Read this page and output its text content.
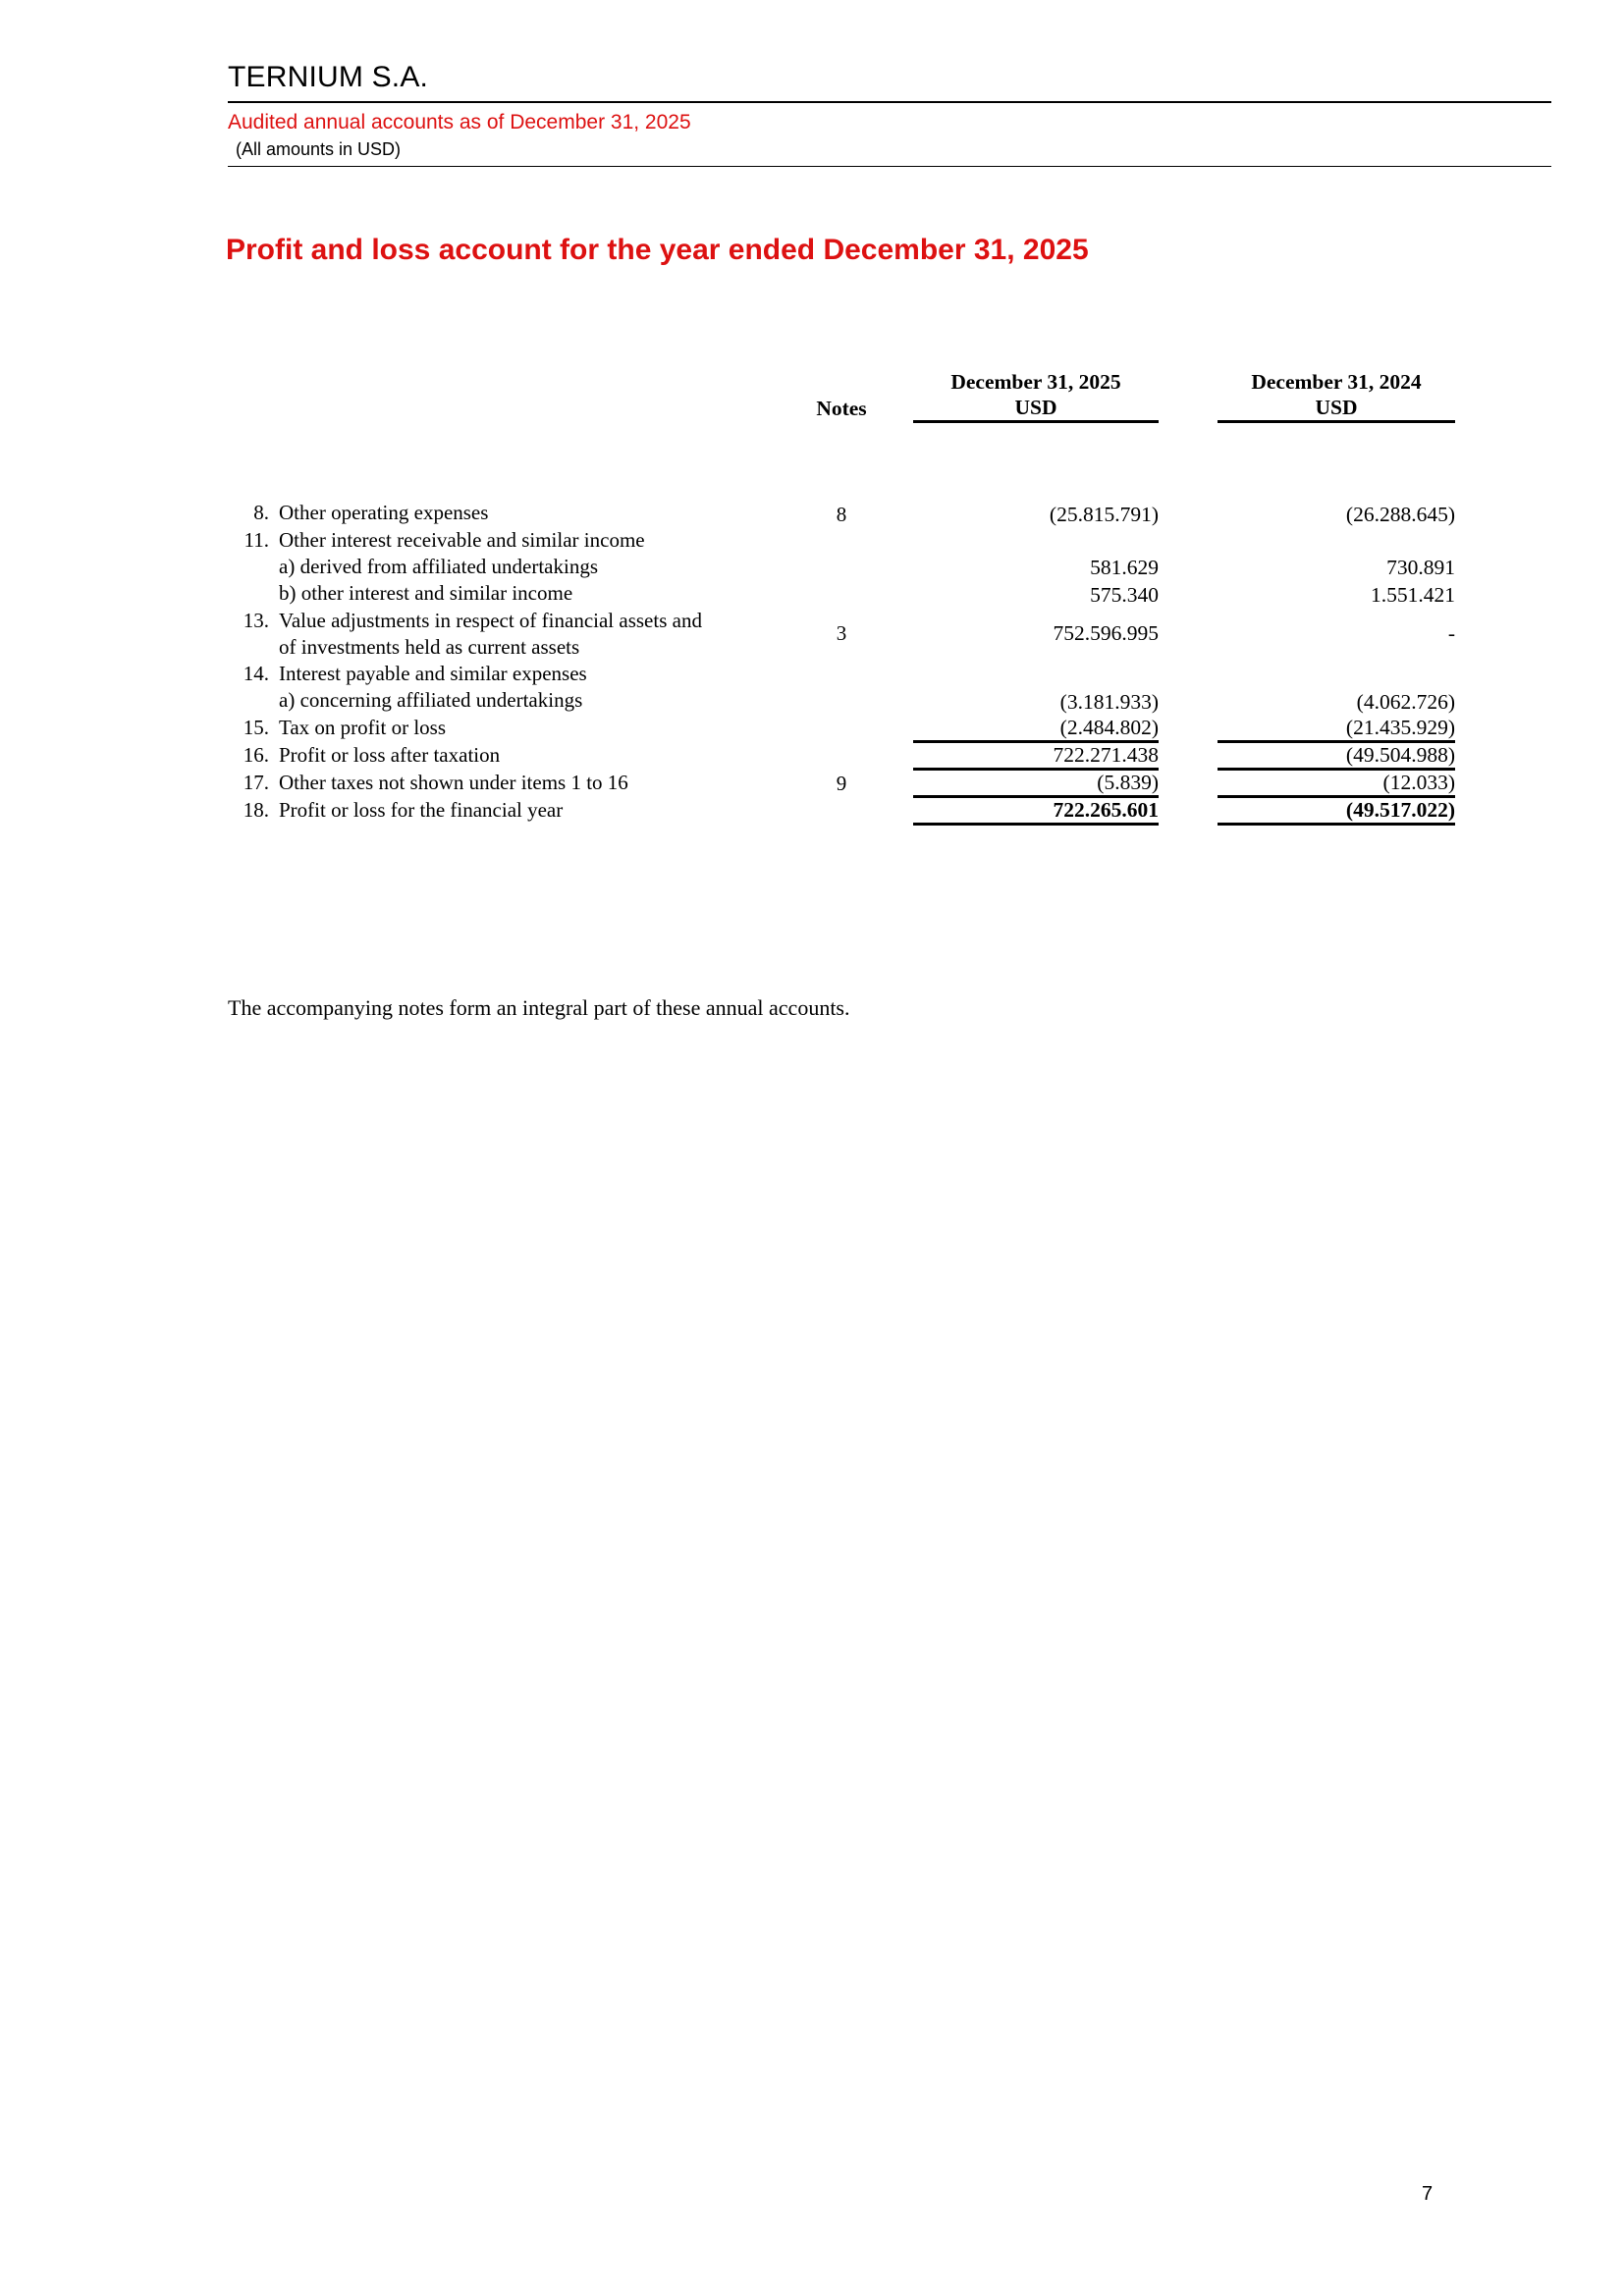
TERNIUM S.A.
Audited annual accounts as of December 31, 2025
(All amounts in USD)
Profit and loss account for the year ended December 31, 2025
	Notes		December 31, 2025		December 31, 2024
			USD		USD

8. Other operating expenses	8		(25.815.791)		(26.288.645)
11. Other interest receivable and similar income					
a) derived from affiliated undertakings			581.629		730.891
b) other interest and similar income			575.340		1.551.421
13. Value adjustments in respect of financial assets and
of investments held as current assets	3		752.596.995		-
14. Interest payable and similar expenses					
a) concerning affiliated undertakings			(3.181.933)		(4.062.726)
15. Tax on profit or loss			(2.484.802)		(21.435.929)
16. Profit or loss after taxation			722.271.438		(49.504.988)
17. Other taxes not shown under items 1 to 16	9		(5.839)		(12.033)
18. Profit or loss for the financial year			722.265.601		(49.517.022)
The accompanying notes form an integral part of these annual accounts.
7
